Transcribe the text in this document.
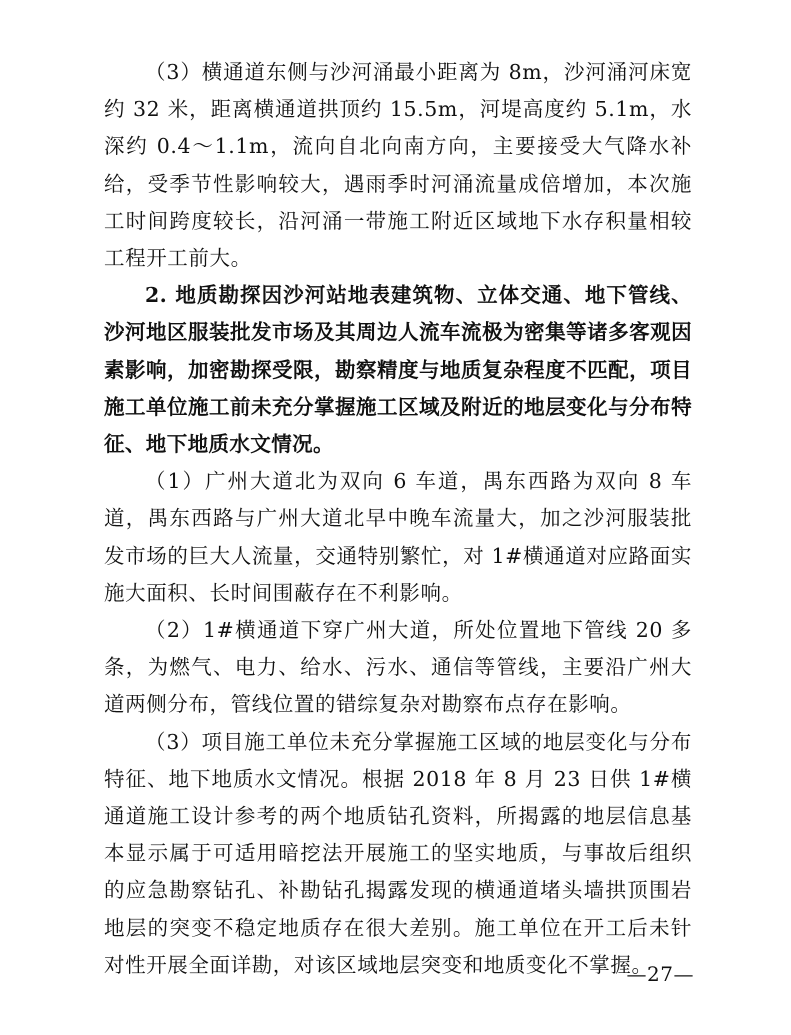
（3）横通道东侧与沙河涌最小距离为 8m，沙河涌河床宽约 32 米，距离横通道拱顶约 15.5m，河堤高度约 5.1m，水深约 0.4～1.1m，流向自北向南方向，主要接受大气降水补给，受季节性影响较大，遇雨季时河涌流量成倍增加，本次施工时间跨度较长，沿河涌一带施工附近区域地下水存积量相较工程开工前大。

2. 地质勘探因沙河站地表建筑物、立体交通、地下管线、沙河地区服装批发市场及其周边人流车流极为密集等诸多客观因素影响，加密勘探受限，勘察精度与地质复杂程度不匹配，项目施工单位施工前未充分掌握施工区域及附近的地层变化与分布特征、地下地质水文情况。

（1）广州大道北为双向 6 车道，禺东西路为双向 8 车道，禺东西路与广州大道北早中晚车流量大，加之沙河服装批发市场的巨大人流量，交通特别繁忙，对 1#横通道对应路面实施大面积、长时间围蔽存在不利影响。

（2）1#横通道下穿广州大道，所处位置地下管线 20 多条，为燃气、电力、给水、污水、通信等管线，主要沿广州大道两侧分布，管线位置的错综复杂对勘察布点存在影响。

（3）项目施工单位未充分掌握施工区域的地层变化与分布特征、地下地质水文情况。根据 2018 年 8 月 23 日供 1#横通道施工设计参考的两个地质钻孔资料，所揭露的地层信息基本显示属于可适用暗挖法开展施工的坚实地质，与事故后组织的应急勘察钻孔、补勘钻孔揭露发现的横通道堵头墙拱顶围岩地层的突变不稳定地质存在很大差别。施工单位在开工后未针对性开展全面详勘，对该区域地层突变和地质变化不掌握。

—27—
